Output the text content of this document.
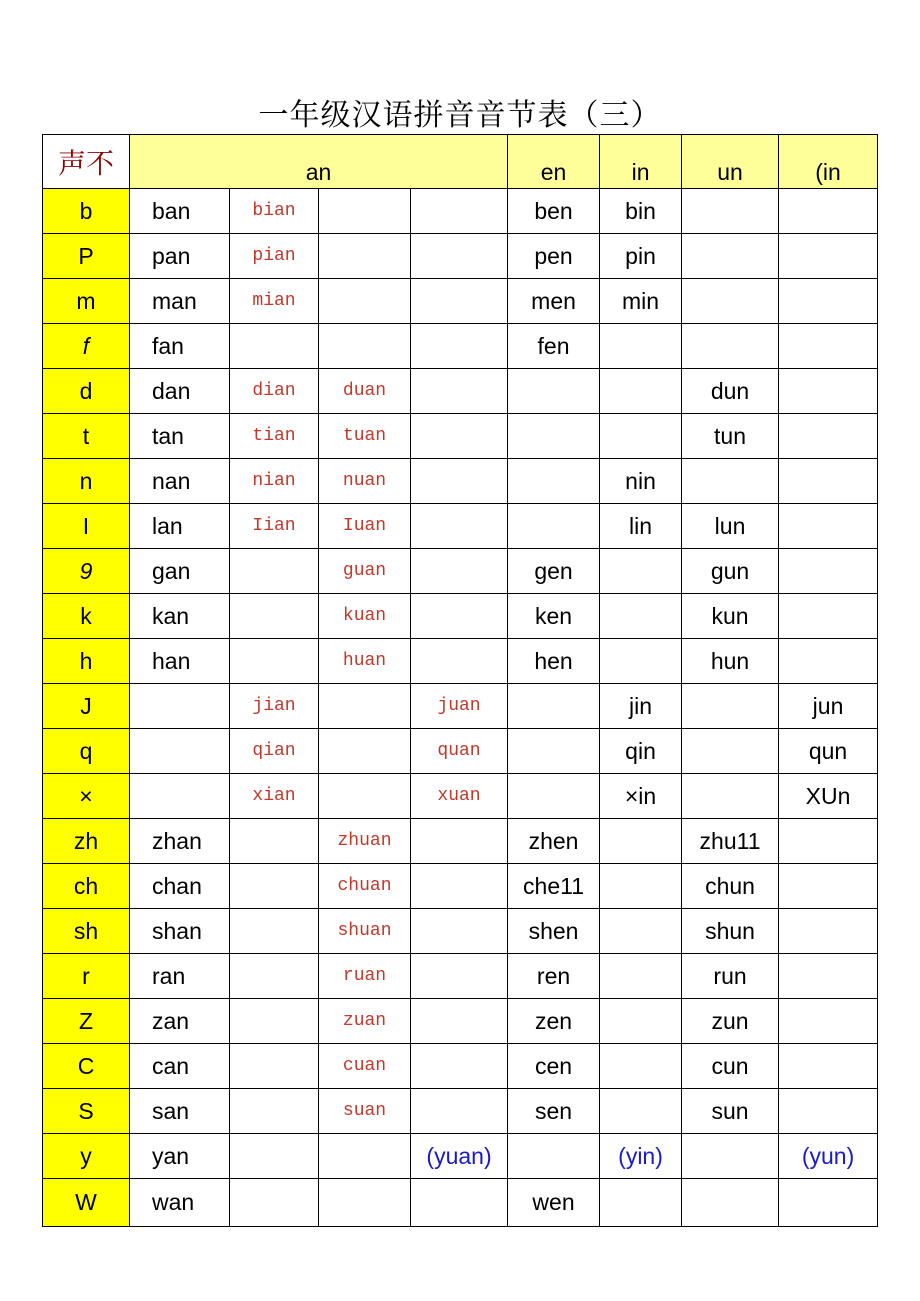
一年级汉语拼音音节表（三）
声不	an				en	in	un	(in
b	ban	bian			ben	bin		
P	pan	pian			pen	pin		
m	man	mian			men	min		
f	fan				fen			
d	dan	dian	duan				dun	
t	tan	tian	tuan				tun	
n	nan	nian	nuan			nin		
I	lan	Iian	Iuan			lin	lun	
9	gan		guan		gen		gun	
k	kan		kuan		ken		kun	
h	han		huan		hen		hun	
J		jian		juan		jin		jun
q		qian		quan		qin		qun
×		xian		xuan		×in		XUn
zh	zhan		zhuan		zhen		zhu11	
ch	chan		chuan		che11		chun	
sh	shan		shuan		shen		shun	
r	ran		ruan		ren		run	
Z	zan		zuan		zen		zun	
C	can		cuan		cen		cun	
S	san		suan		sen		sun	
y	yan			(yuan)		(yin)		(yun)
W	wan				wen			
